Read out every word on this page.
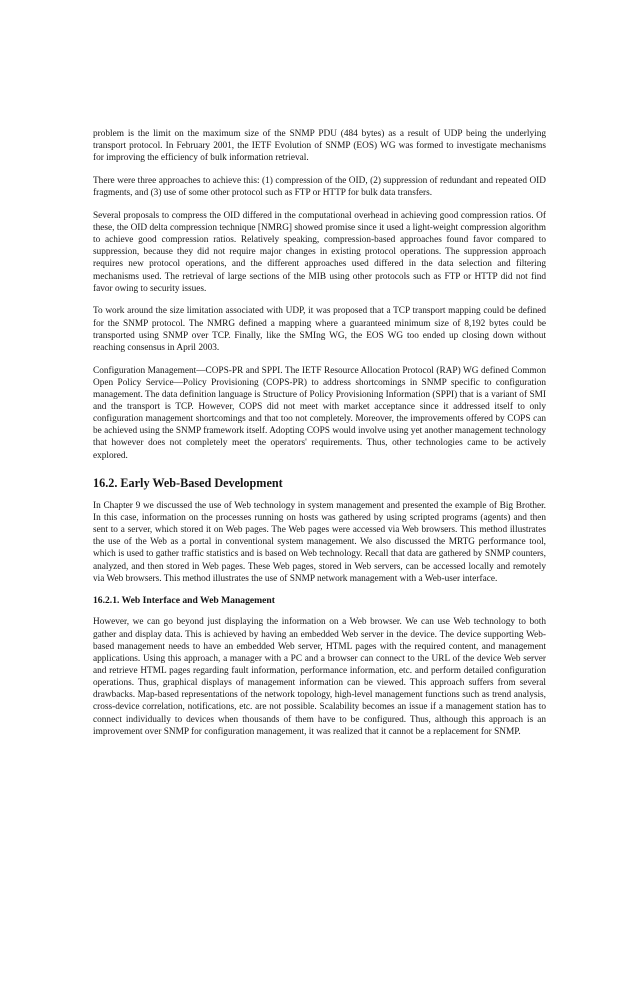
problem is the limit on the maximum size of the SNMP PDU (484 bytes) as a result of UDP being the underlying transport protocol. In February 2001, the IETF Evolution of SNMP (EOS) WG was formed to investigate mechanisms for improving the efficiency of bulk information retrieval.

There were three approaches to achieve this: (1) compression of the OID, (2) suppression of redundant and repeated OID fragments, and (3) use of some other protocol such as FTP or HTTP for bulk data transfers.

Several proposals to compress the OID differed in the computational overhead in achieving good compression ratios. Of these, the OID delta compression technique [NMRG] showed promise since it used a light-weight compression algorithm to achieve good compression ratios. Relatively speaking, compression-based approaches found favor compared to suppression, because they did not require major changes in existing protocol operations. The suppression approach requires new protocol operations, and the different approaches used differed in the data selection and filtering mechanisms used. The retrieval of large sections of the MIB using other protocols such as FTP or HTTP did not find favor owing to security issues.

To work around the size limitation associated with UDP, it was proposed that a TCP transport mapping could be defined for the SNMP protocol. The NMRG defined a mapping where a guaranteed minimum size of 8,192 bytes could be transported using SNMP over TCP. Finally, like the SMIng WG, the EOS WG too ended up closing down without reaching consensus in April 2003.

Configuration Management—COPS-PR and SPPI. The IETF Resource Allocation Protocol (RAP) WG defined Common Open Policy Service—Policy Provisioning (COPS-PR) to address shortcomings in SNMP specific to configuration management. The data definition language is Structure of Policy Provisioning Information (SPPI) that is a variant of SMI and the transport is TCP. However, COPS did not meet with market acceptance since it addressed itself to only configuration management shortcomings and that too not completely. Moreover, the improvements offered by COPS can be achieved using the SNMP framework itself. Adopting COPS would involve using yet another management technology that however does not completely meet the operators' requirements. Thus, other technologies came to be actively explored.

16.2. Early Web-Based Development

In Chapter 9 we discussed the use of Web technology in system management and presented the example of Big Brother. In this case, information on the processes running on hosts was gathered by using scripted programs (agents) and then sent to a server, which stored it on Web pages. The Web pages were accessed via Web browsers. This method illustrates the use of the Web as a portal in conventional system management. We also discussed the MRTG performance tool, which is used to gather traffic statistics and is based on Web technology. Recall that data are gathered by SNMP counters, analyzed, and then stored in Web pages. These Web pages, stored in Web servers, can be accessed locally and remotely via Web browsers. This method illustrates the use of SNMP network management with a Web-user interface.

16.2.1. Web Interface and Web Management

However, we can go beyond just displaying the information on a Web browser. We can use Web technology to both gather and display data. This is achieved by having an embedded Web server in the device. The device supporting Web-based management needs to have an embedded Web server, HTML pages with the required content, and management applications. Using this approach, a manager with a PC and a browser can connect to the URL of the device Web server and retrieve HTML pages regarding fault information, performance information, etc. and perform detailed configuration operations. Thus, graphical displays of management information can be viewed. This approach suffers from several drawbacks. Map-based representations of the network topology, high-level management functions such as trend analysis, cross-device correlation, notifications, etc. are not possible. Scalability becomes an issue if a management station has to connect individually to devices when thousands of them have to be configured. Thus, although this approach is an improvement over SNMP for configuration management, it was realized that it cannot be a replacement for SNMP.
